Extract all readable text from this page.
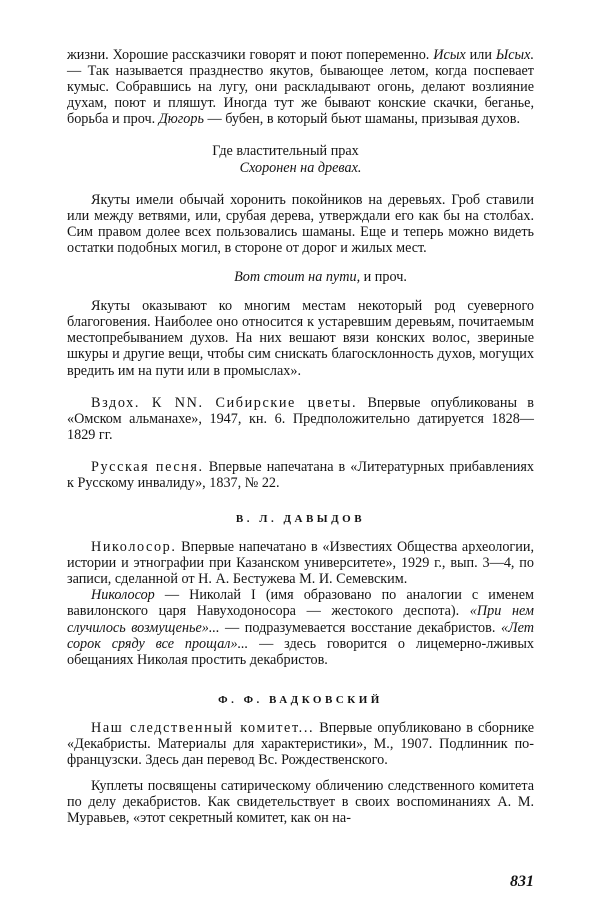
жизни. Хорошие рассказчики говорят и поют попеременно. Исых или Ысых. — Так называется празднество якутов, бывающее летом, когда поспевает кумыс. Собравшись на лугу, они раскладывают огонь, делают возлияние духам, поют и пляшут. Иногда тут же бывают конские скачки, беганье, борьба и проч. Дюгорь — бубен, в который бьют шаманы, призывая духов.

Где властительный прах
Схоронен на древах.

Якуты имели обычай хоронить покойников на деревьях. Гроб ставили или между ветвями, или, срубая дерева, утверждали его как бы на столбах. Сим правом долее всех пользовались шаманы. Еще и теперь можно видеть остатки подобных могил, в стороне от дорог и жилых мест.

Вот стоит на пути, и проч.

Якуты оказывают ко многим местам некоторый род суеверного благоговения. Наиболее оно относится к устаревшим деревьям, почитаемым местопребыванием духов. На них вешают вязи конских волос, звериные шкуры и другие вещи, чтобы сим снискать благосклонность духов, могущих вредить им на пути или в промыслах».

Вздох. К NN. Сибирские цветы. Впервые опубликованы в «Омском альманахе», 1947, кн. 6. Предположительно датируется 1828—1829 гг.

Русская песня. Впервые напечатана в «Литературных прибавлениях к Русскому инвалиду», 1837, № 22.

В. Л. ДАВЫДОВ

Николосор. Впервые напечатано в «Известиях Общества археологии, истории и этнографии при Казанском университете», 1929 г., вып. 3—4, по записи, сделанной от Н. А. Бестужева М. И. Семевским.

Николосор — Николай I (имя образовано по аналогии с именем вавилонского царя Навуходоносора — жестокого деспота). «При нем случилось возмущенье»... — подразумевается восстание декабристов. «Лет сорок сряду все прощал»... — здесь говорится о лицемерно-лживых обещаниях Николая простить декабристов.

Ф. Ф. ВАДКОВСКИЙ

Наш следственный комитет... Впервые опубликовано в сборнике «Декабристы. Материалы для характеристики», М., 1907. Подлинник по-французски. Здесь дан перевод Вс. Рождественского.

Куплеты посвящены сатирическому обличению следственного комитета по делу декабристов. Как свидетельствует в своих воспоминаниях А. М. Муравьев, «этот секретный комитет, как он на-

831
